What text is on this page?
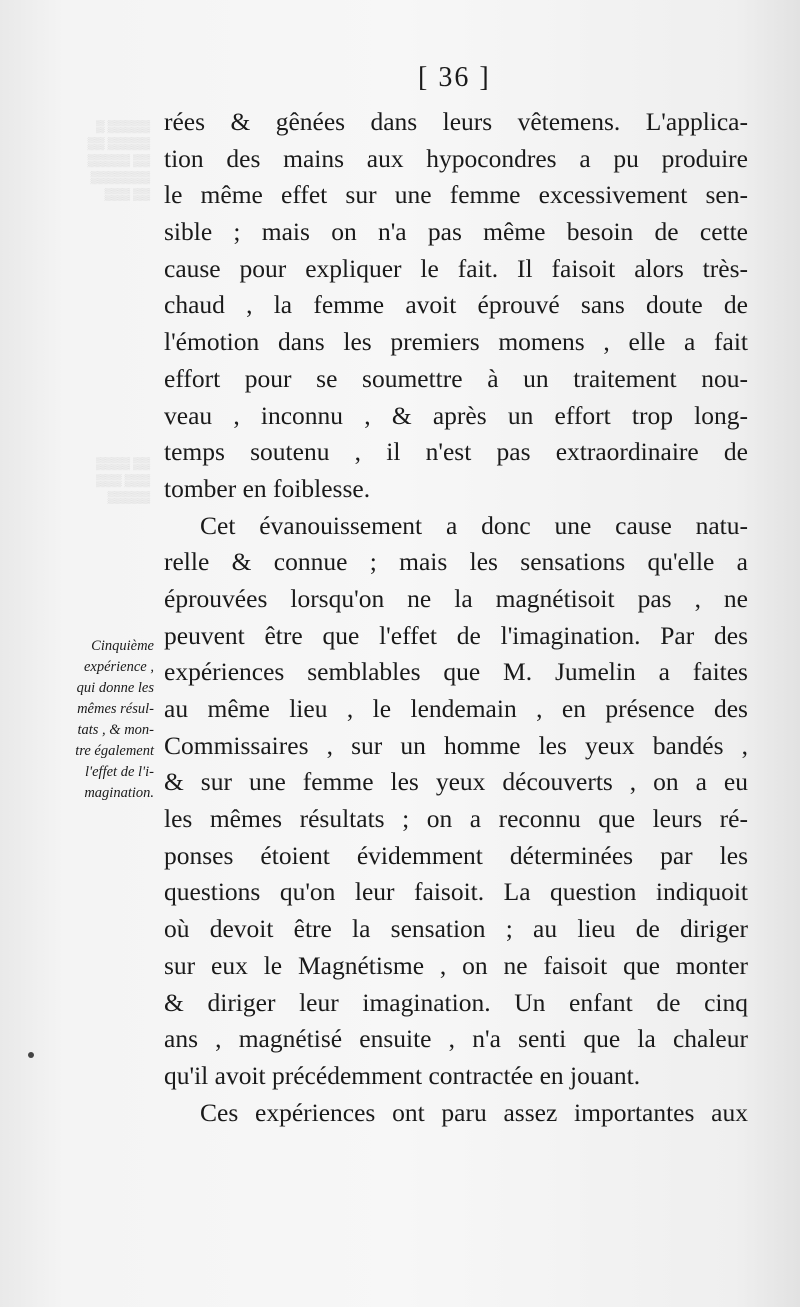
▒ ▒▒▒▒▒
▒▒ ▒▒▒▒▒
▒▒▒▒▒ ▒▒
▒▒▒▒▒▒▒
▒▒▒ ▒▒
▒▒▒▒ ▒▒
▒▒▒ ▒▒▒
▒▒▒▒▒
[ 36 ]
Cinquième
expérience ,
qui donne les
mêmes résul-
tats , & mon-
tre également
l'effet de l'i-
magination.
rées & gênées dans leurs vêtemens. L'applica-
tion des mains aux hypocondres a pu produire
le même effet sur une femme excessivement sen-
sible ; mais on n'a pas même besoin de cette
cause pour expliquer le fait. Il faisoit alors très-
chaud , la femme avoit éprouvé sans doute de
l'émotion dans les premiers momens , elle a fait
effort pour se soumettre à un traitement nou-
veau , inconnu , & après un effort trop long-
temps soutenu , il n'est pas extraordinaire de
tomber en foiblesse.
Cet évanouissement a donc une cause natu-
relle & connue ; mais les sensations qu'elle a
éprouvées lorsqu'on ne la magnétisoit pas , ne
peuvent être que l'effet de l'imagination. Par des
expériences semblables que M. Jumelin a faites
au même lieu , le lendemain , en présence des
Commissaires , sur un homme les yeux bandés ,
& sur une femme les yeux découverts , on a eu
les mêmes résultats ; on a reconnu que leurs ré-
ponses étoient évidemment déterminées par les
questions qu'on leur faisoit. La question indiquoit
où devoit être la sensation ; au lieu de diriger
sur eux le Magnétisme , on ne faisoit que monter
& diriger leur imagination. Un enfant de cinq
ans , magnétisé ensuite , n'a senti que la chaleur
qu'il avoit précédemment contractée en jouant.
Ces expériences ont paru assez importantes aux
